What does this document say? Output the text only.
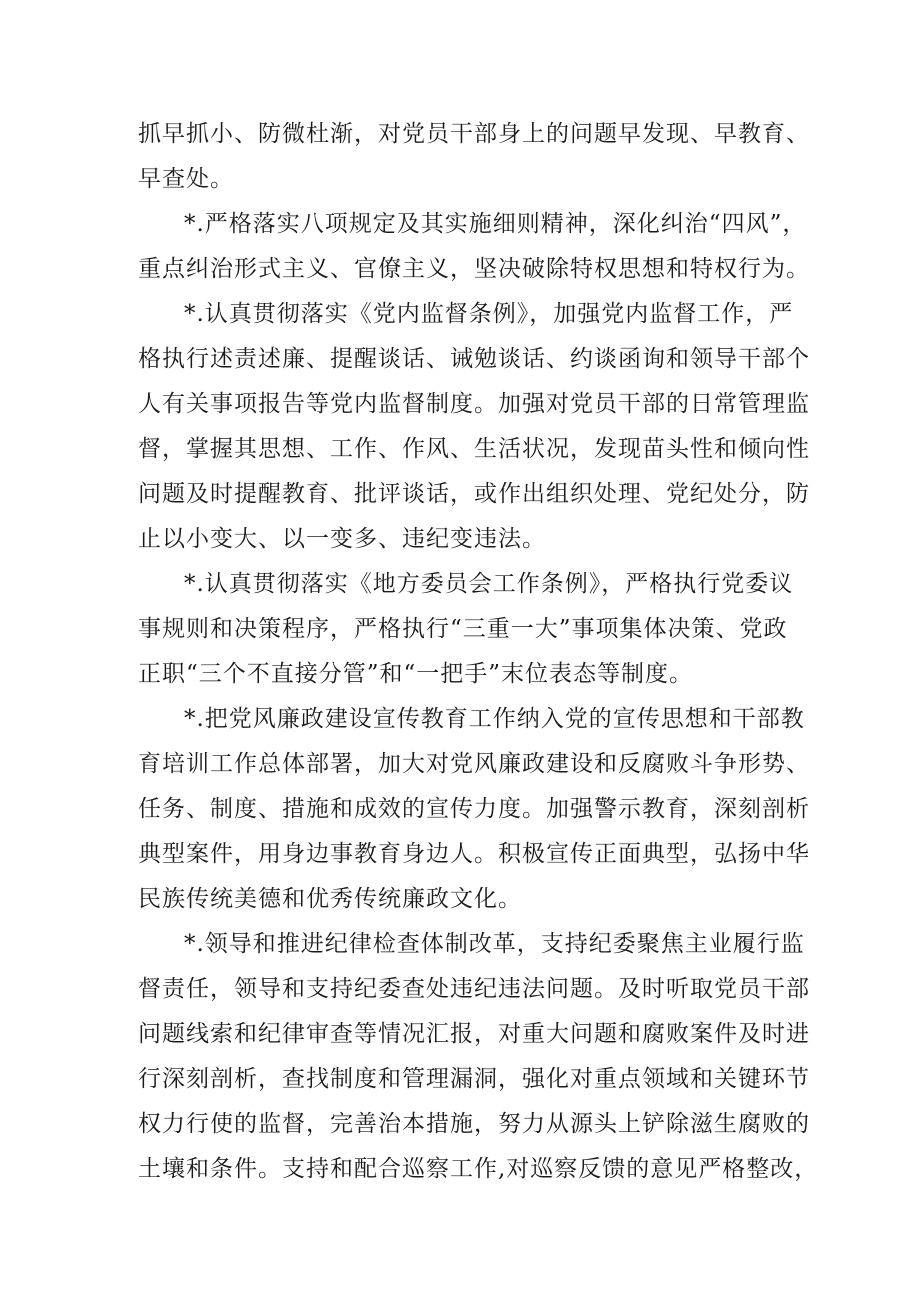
抓早抓小、防微杜渐，对党员干部身上的问题早发现、早教育、
早查处。

*.严格落实八项规定及其实施细则精神，深化纠治“四风”，
重点纠治形式主义、官僚主义，坚决破除特权思想和特权行为。

*.认真贯彻落实《党内监督条例》，加强党内监督工作，严
格执行述责述廉、提醒谈话、诫勉谈话、约谈函询和领导干部个
人有关事项报告等党内监督制度。加强对党员干部的日常管理监
督，掌握其思想、工作、作风、生活状况，发现苗头性和倾向性
问题及时提醒教育、批评谈话，或作出组织处理、党纪处分，防
止以小变大、以一变多、违纪变违法。

*.认真贯彻落实《地方委员会工作条例》，严格执行党委议
事规则和决策程序，严格执行“三重一大”事项集体决策、党政
正职“三个不直接分管”和“一把手”末位表态等制度。

*.把党风廉政建设宣传教育工作纳入党的宣传思想和干部教
育培训工作总体部署，加大对党风廉政建设和反腐败斗争形势、
任务、制度、措施和成效的宣传力度。加强警示教育，深刻剖析
典型案件，用身边事教育身边人。积极宣传正面典型，弘扬中华
民族传统美德和优秀传统廉政文化。

*.领导和推进纪律检查体制改革，支持纪委聚焦主业履行监
督责任，领导和支持纪委查处违纪违法问题。及时听取党员干部
问题线索和纪律审查等情况汇报，对重大问题和腐败案件及时进
行深刻剖析，查找制度和管理漏洞，强化对重点领域和关键环节
权力行使的监督，完善治本措施，努力从源头上铲除滋生腐败的
土壤和条件。支持和配合巡察工作,对巡察反馈的意见严格整改，
